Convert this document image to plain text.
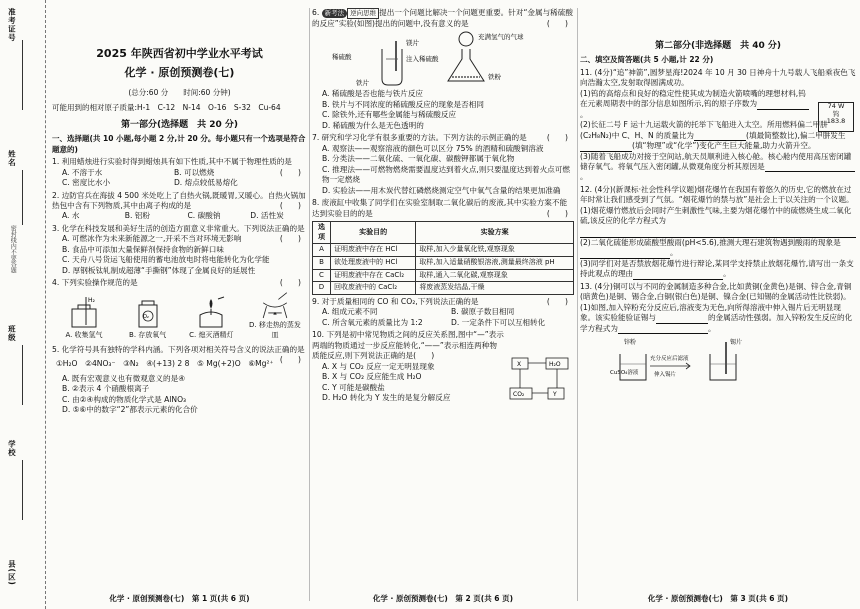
准考证号
姓名
密封线内不要答题
班级
学校
县(区)
2025 年陕西省初中学业水平考试
化学 · 原创预测卷(七)
(总分:60 分　　时间:60 分钟)
可能用到的相对原子质量:H-1　C-12　N-14　O-16　S-32　Cu-64
第一部分(选择题　共 20 分)
一、选择题(共 10 小题,每小题 2 分,计 20 分。每小题只有一个选项是符合题意的)

1. 利用蜡烛进行实验时得到蜡烛具有如下性质,其中不属于物理性质的是
(　　)

A. 不溶于水	B. 可以燃烧
C. 密度比水小	D. 熔点较低易熔化

2. 边防官兵在海拔 4 500 米处吃上了自热火锅,既暖胃,又暖心。自热火锅加热包中含有下列物质,其中由离子构成的是	(　　)

A. 水	B. 铝粉	C. 碳酸钠	D. 活性炭

3. 化学在科技发展和美好生活的创造方面意义非常重大。下列说法正确的是
(　　)

A. 可燃冰作为未来新能源之一,开采不当对环境无影响

B. 食品中可添加大量保鲜剂保持食物的新鲜口味

C. 天舟八号货运飞船使用的蓄电池放电时将电能转化为化学能

D. 厚钢板钛轧制成超薄“手撕钢”体现了金属良好的延展性

4. 下列实验操作规范的是	(　　)

H₂
A. 收集氢气
O₂
B. 存放氧气	C. 熄灭酒精灯
D. 移走热的蒸发皿

5. 化学符号具有独特的学科内涵。下列各项对相关符号含义的说法正确的是
(　　)

①H₂O　②4NO₃⁻　③N₂　④(+13) 2 8　⑤ Mg(+2)O　⑥Mg²⁺

A. 既有宏观意义也有微观意义的是④

B. ②表示 4 个硝酸根离子

C. 由②④构成的物质化学式是 AlNO₃

D. ⑤⑥中的数字“2”都表示元素的化合价

化学 · 原创预测卷(七)　第 1 页(共 6 页)

6. 新考法 逆向思维 提出一个问题比解决一个问题更重要。针对“金属与稀硫酸的反应”实验(如图)提出的问题中,没有意义的是	(　　)

稀硫酸
镁片
铁片
注入稀硫酸
充满氢气的气球
铁粉

A. 稀硫酸是否也能与铁片反应

B. 铁片与不同浓度的稀硫酸反应的现象是否相同

C. 除铁外,还有哪些金属能与稀硫酸反应

D. 稀硫酸为什么是无色透明的

7. 研究和学习化学有很多重要的方法。下列方法的示例正确的是	(　　)

A. 观察法——观察溶液的颜色可以区分 75% 的酒精和硫酸铜溶液

B. 分类法——二氧化硫、一氧化碳、碳酸钾都属于氧化物

C. 推理法——可燃物燃烧需要温度达到着火点,则只要温度达到着火点可燃物一定燃烧

D. 实验法——用木炭代替红磷燃烧测定空气中氧气含量的结果更加准确

8. 废液缸中收集了同学们在实验室制取二氧化碳后的废液,其中实验方案不能达到实验目的的是	(　　)

选项	实验目的	实验方案
A	证明废液中存在 HCl	取样,加入少量氧化铁,观察现象
B	欲处理废液中的 HCl	取样,加入适量硝酸银溶液,测量最终溶液 pH
C	证明废液中存在 CaCl₂	取样,通入二氧化碳,观察现象
D	回收废液中的 CaCl₂	将废液蒸发结晶,干燥

9. 对于质量相同的 CO 和 CO₂,下列说法正确的是	(　　)

A. 组成元素不同	B. 碳原子数目相同
C. 所含氧元素的质量比为 1:2	D. 一定条件下可以互相转化

10. 下列是初中常见物质之间的反应关系图,图中“—”表示两端的物质通过一步反应能转化,“——”表示相连两种物质能反应,则下列说法正确的是(　　)

X	H₂O
CO₂	Y

A. X 与 CO₂ 反应一定无明显现象

B. X 与 CO₂ 反应能生成 H₂O

C. Y 可能是碳酸盐

D. H₂O 转化为 Y 发生的是复分解反应

化学 · 原创预测卷(七)　第 2 页(共 6 页)
第二部分(非选择题　共 40 分)
二、填空及简答题(共 5 小题,计 22 分)

11. (4分)“追”神箭”,圆梦星海!2024 年 10 月 30 日神舟十九号载人飞船乘夜色飞向浩瀚太空,发射取得圆满成功。

74 W
钨
183.8

(1)钨的高熔点和良好的稳定性使其成为制造火箭喷嘴的理想材料,钨在元素周期表中的部分信息如图所示,钨的原子序数为。

(2)长征二号 F 运十九运载火箭的托举下飞船进入太空。所用燃料偏二甲肼(C₂H₈N₂)中 C、H、N 的质量比为	(填最简整数比),偏二甲肼发生(填“物理”或“化学”)变化产生巨大能量,助力火箭升空。

(3)随着飞船成功对接于空间站,航天员顺利进入核心舱。核心舱内使用高压密闭罐储存氧气。将氧气压入密闭罐,从微观角度分析其原因是。

12. (4分)(新课标·社会性科学议题)烟花爆竹在我国有着悠久的历史,它的燃放在过年时常让我们感受到了气氛。“烟花爆竹的禁与放”是社会上于以关注的一个议题。

(1)烟花爆竹燃放后会同时产生刺激性气味,主要为烟花爆竹中的硫燃烧生成二氧化硫,该反应的化学方程式为

(2)二氧化硫能形成硫酸型酸雨(pH<5.6),推测大理石建筑物遇到酸雨的现象是。

(3)同学们对是否禁放烟花爆竹进行辩论,某同学支持禁止放烟花爆竹,请写出一条支持此观点的理由	。

13. (4分)铜可以与不同的金属制造多种合金,比如黄铜(金黄色)是铜、锌合金,青铜(暗黄色)是铜、锡合金,白铜(银白色)是铜、镍合金(已知锡的金属活动性比铁弱)。

(1)如图,加入锌粉充分反应后,溶液变为无色,向所得溶液中伸入锡片后无明显现象。该实验能验证锡与	的金属活动性强弱。加入锌粉发生反应的化学方程式为	。

锌粉
CuSO₄溶液
充分反应后滤液
伸入锡片
锡片
化学 · 原创预测卷(七)　第 3 页(共 6 页)
